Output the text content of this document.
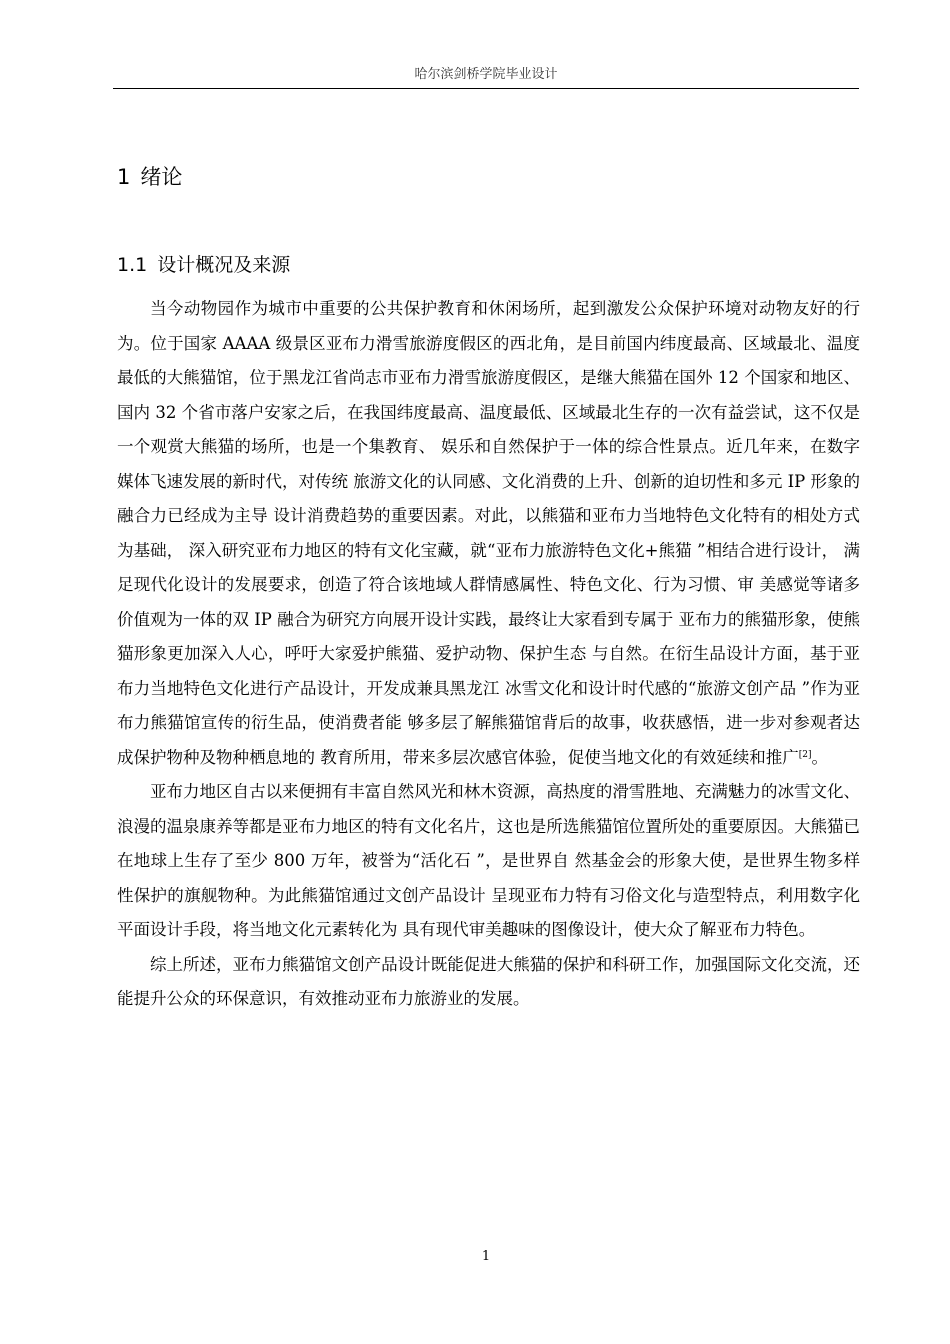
哈尔滨剑桥学院毕业设计
1 绪论
1.1 设计概况及来源

当今动物园作为城市中重要的公共保护教育和休闲场所，起到激发公众保护环境对动物友好的行为。位于国家 AAAA 级景区亚布力滑雪旅游度假区的西北角，是目前国内纬度最高、区域最北、温度最低的大熊猫馆，位于黑龙江省尚志市亚布力滑雪旅游度假区，是继大熊猫在国外 12 个国家和地区、国内 32 个省市落户安家之后，在我国纬度最高、温度最低、区域最北生存的一次有益尝试，这不仅是一个观赏大熊猫的场所，也是一个集教育、 娱乐和自然保护于一体的综合性景点。近几年来，在数字媒体飞速发展的新时代，对传统 旅游文化的认同感、文化消费的上升、创新的迫切性和多元 IP 形象的融合力已经成为主导 设计消费趋势的重要因素。对此，以熊猫和亚布力当地特色文化特有的相处方式为基础， 深入研究亚布力地区的特有文化宝藏，就“亚布力旅游特色文化+熊猫 ”相结合进行设计， 满足现代化设计的发展要求，创造了符合该地域人群情感属性、特色文化、行为习惯、审 美感觉等诸多价值观为一体的双 IP 融合为研究方向展开设计实践，最终让大家看到专属于 亚布力的熊猫形象，使熊猫形象更加深入人心，呼吁大家爱护熊猫、爱护动物、保护生态 与自然。在衍生品设计方面，基于亚布力当地特色文化进行产品设计，开发成兼具黑龙江 冰雪文化和设计时代感的“旅游文创产品 ”作为亚布力熊猫馆宣传的衍生品，使消费者能 够多层了解熊猫馆背后的故事，收获感悟，进一步对参观者达成保护物种及物种栖息地的 教育所用，带来多层次感官体验，促使当地文化的有效延续和推广[2]。

亚布力地区自古以来便拥有丰富自然风光和林木资源，高热度的滑雪胜地、充满魅力的冰雪文化、浪漫的温泉康养等都是亚布力地区的特有文化名片，这也是所选熊猫馆位置所处的重要原因。大熊猫已在地球上生存了至少 800 万年，被誉为“活化石 ”，是世界自 然基金会的形象大使，是世界生物多样性保护的旗舰物种。为此熊猫馆通过文创产品设计 呈现亚布力特有习俗文化与造型特点，利用数字化平面设计手段，将当地文化元素转化为 具有现代审美趣味的图像设计，使大众了解亚布力特色。

综上所述，亚布力熊猫馆文创产品设计既能促进大熊猫的保护和科研工作，加强国际文化交流，还能提升公众的环保意识，有效推动亚布力旅游业的发展。

1
